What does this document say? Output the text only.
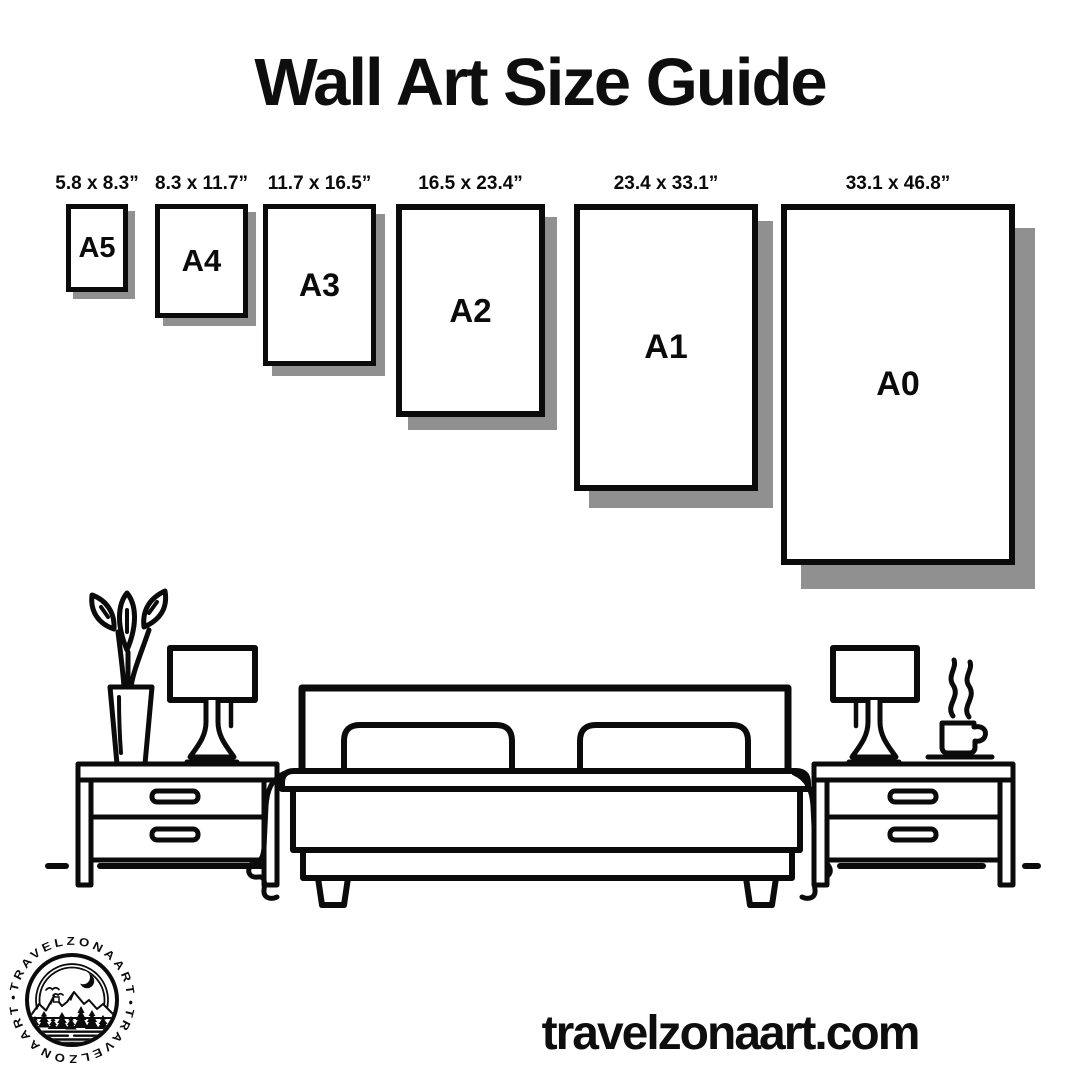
Wall Art Size Guide
A5
5.8 x 8.3”
A4
8.3 x 11.7”
A3
11.7 x 16.5”
A2
16.5 x 23.4”
A1
23.4 x 33.1”
A0
33.1 x 46.8”
•TRAVELZONAART
•TRAVELZONAART	travelzonaart.com
